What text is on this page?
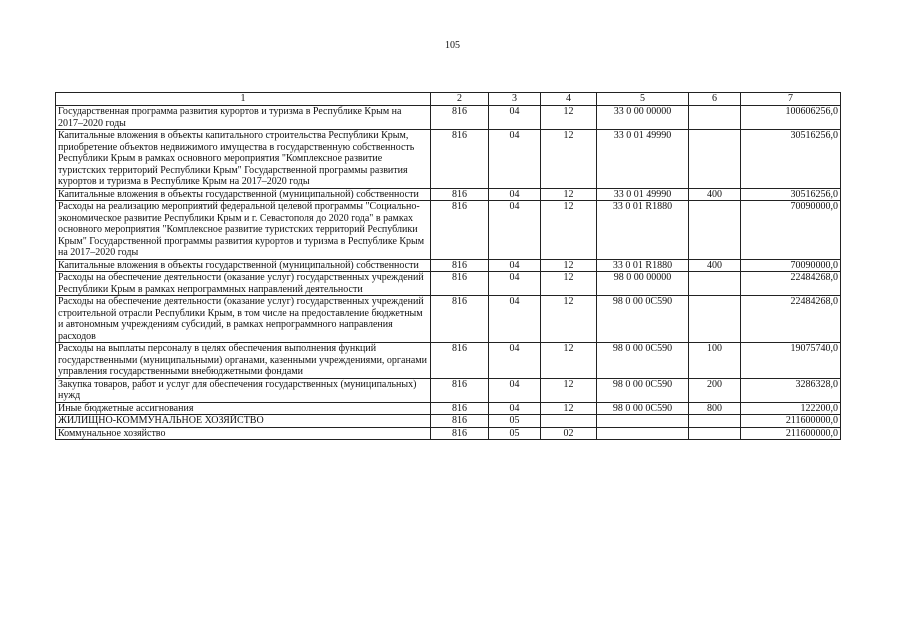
105
1	2	3	4	5	6	7
Государственная программа развития курортов и туризма в Республике Крым на 2017–2020 годы	816	04	12	33 0 00 00000		100606256,0
Капитальные вложения в объекты капитального строительства Республики Крым, приобретение объектов недвижимого имущества в государственную собственность Республики Крым в рамках основного мероприятия "Комплексное развитие туристских территорий Республики Крым" Государственной программы развития курортов и туризма в Республике Крым на 2017–2020 годы	816	04	12	33 0 01 49990		30516256,0
Капитальные вложения в объекты государственной (муниципальной) собственности	816	04	12	33 0 01 49990	400	30516256,0
Расходы на реализацию мероприятий федеральной целевой программы "Социально-экономическое развитие Республики Крым и г. Севастополя до 2020 года" в рамках основного мероприятия "Комплексное развитие туристских территорий Республики Крым" Государственной программы развития курортов и туризма в Республике Крым на 2017–2020 годы	816	04	12	33 0 01 R1880		70090000,0
Капитальные вложения в объекты государственной (муниципальной) собственности	816	04	12	33 0 01 R1880	400	70090000,0
Расходы на обеспечение деятельности (оказание услуг) государственных учреждений Республики Крым в рамках непрограммных направлений деятельности	816	04	12	98 0 00 00000		22484268,0
Расходы на обеспечение деятельности (оказание услуг) государственных учреждений строительной отрасли Республики Крым, в том числе на предоставление бюджетным и автономным учреждениям субсидий, в рамках непрограммного направления расходов	816	04	12	98 0 00 0С590		22484268,0
Расходы на выплаты персоналу в целях обеспечения выполнения функций государственными (муниципальными) органами, казенными учреждениями, органами управления государственными внебюджетными фондами	816	04	12	98 0 00 0С590	100	19075740,0
Закупка товаров, работ и услуг для обеспечения государственных (муниципальных) нужд	816	04	12	98 0 00 0С590	200	3286328,0
Иные бюджетные ассигнования	816	04	12	98 0 00 0С590	800	122200,0
ЖИЛИЩНО-КОММУНАЛЬНОЕ ХОЗЯЙСТВО	816	05				211600000,0
Коммунальное хозяйство	816	05	02			211600000,0
